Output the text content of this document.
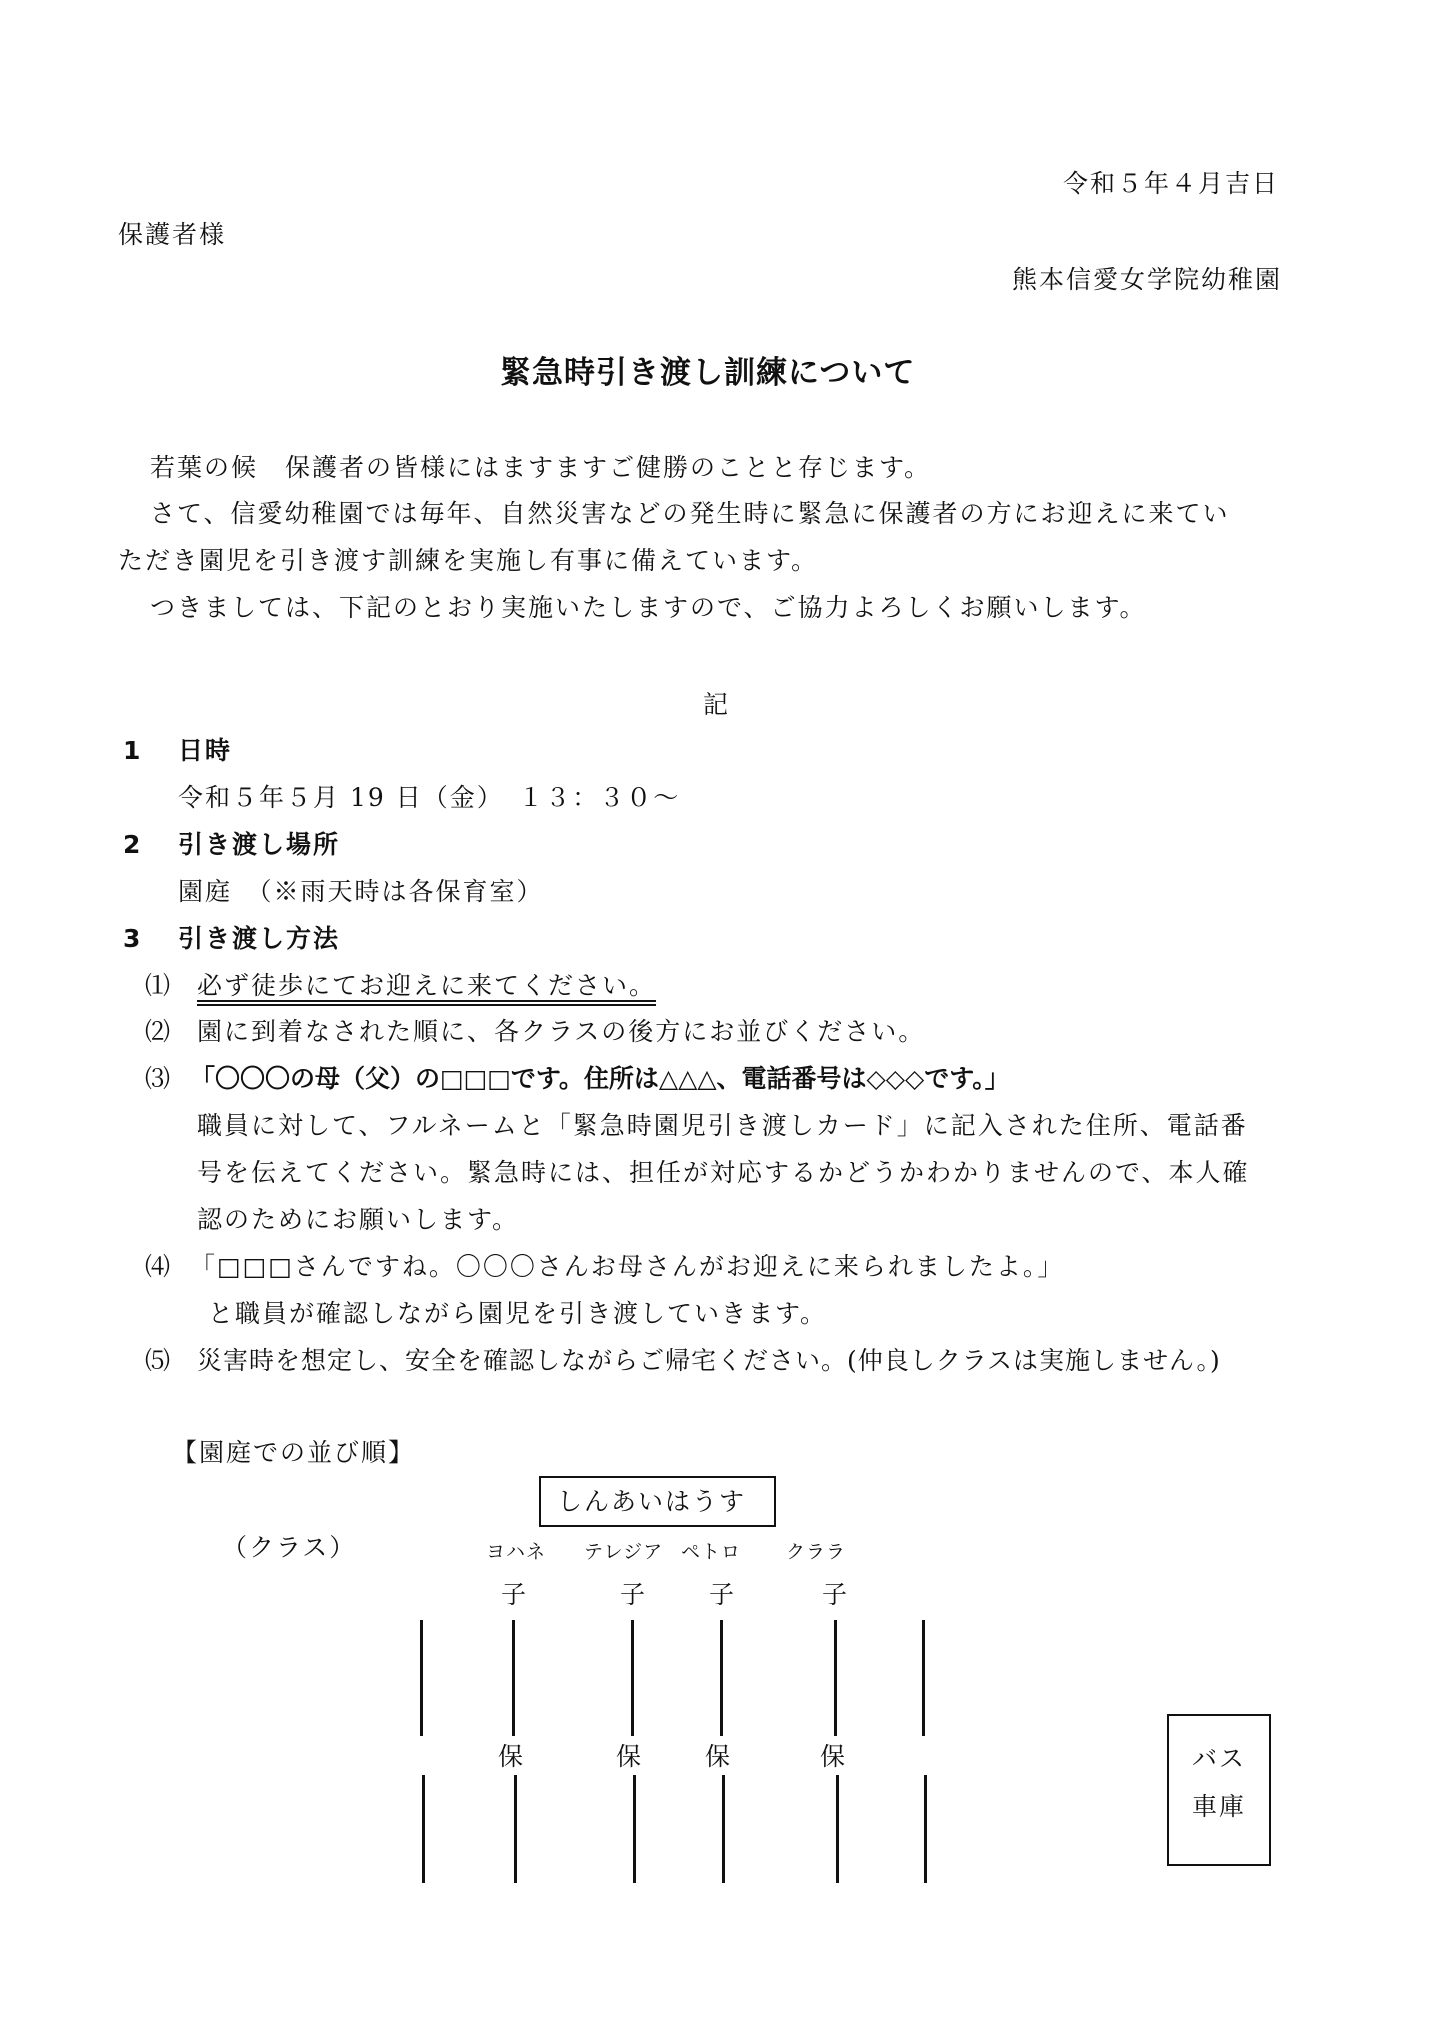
令和５年４月吉日
保護者様
熊本信愛女学院幼稚園
緊急時引き渡し訓練について
若葉の候　保護者の皆様にはますますご健勝のことと存じます。
さて、信愛幼稚園では毎年、自然災害などの発生時に緊急に保護者の方にお迎えに来てい
ただき園児を引き渡す訓練を実施し有事に備えています。
つきましては、下記のとおり実施いたしますので、ご協力よろしくお願いします。
記
1 日時
令和５年５月 19 日（金）　１３：３０～
2 引き渡し場所
園庭　（※雨天時は各保育室）
3 引き渡し方法
⑴ 必ず徒歩にてお迎えに来てください。
⑵ 園に到着なされた順に、各クラスの後方にお並びください。
⑶ 「〇〇〇の母（父）の□□□です。住所は△△△、電話番号は◇◇◇です。」
職員に対して、フルネームと「緊急時園児引き渡しカード」に記入された住所、電話番
号を伝えてください。緊急時には、担任が対応するかどうかわかりませんので、本人確
認のためにお願いします。
⑷ 「□□□さんですね。〇〇〇さんお母さんがお迎えに来られましたよ。」
と職員が確認しながら園児を引き渡していきます。
⑸ 災害時を想定し、安全を確認しながらご帰宅ください。(仲良しクラスは実施しません。)
【園庭での並び順】
しんあいはうす
（クラス）	ヨハネ テレジア ペトロ クララ
子	子 子	子
保	保 保	保	バス
車庫
